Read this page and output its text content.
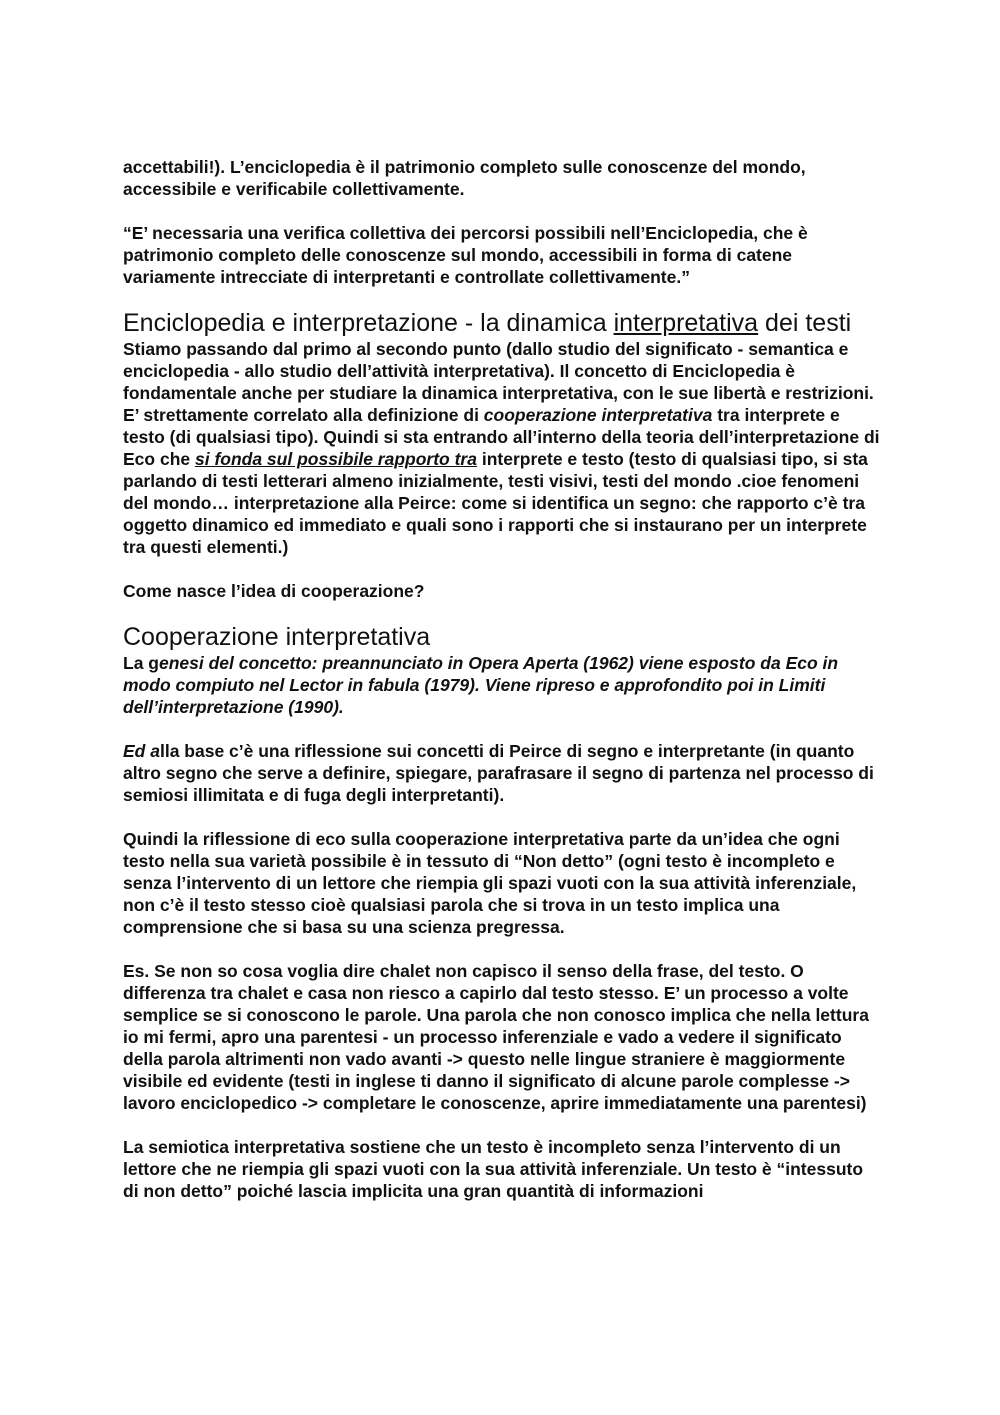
accettabili!). L’enciclopedia è il patrimonio completo sulle conoscenze del mondo, accessibile e verificabile collettivamente.

“E’ necessaria una verifica collettiva dei percorsi possibili nell’Enciclopedia, che è patrimonio completo delle conoscenze sul mondo, accessibili in forma di catene variamente intrecciate di interpretanti e controllate collettivamente.”

Enciclopedia e interpretazione - la dinamica interpretativa dei testi

Stiamo passando dal primo al secondo punto (dallo studio del significato - semantica e enciclopedia - allo studio dell’attività interpretativa). Il concetto di Enciclopedia è fondamentale anche per studiare la dinamica interpretativa, con le sue libertà e restrizioni. E’ strettamente correlato alla definizione di cooperazione interpretativa tra interprete e testo (di qualsiasi tipo). Quindi si sta entrando all’interno della teoria dell’interpretazione di Eco che si fonda sul possibile rapporto tra interprete e testo (testo di qualsiasi tipo, si sta parlando di testi letterari almeno inizialmente, testi visivi, testi del mondo .cioe fenomeni del mondo… interpretazione alla Peirce: come si identifica un segno: che rapporto c’è tra oggetto dinamico ed immediato e quali sono i rapporti che si instaurano per un interprete tra questi elementi.)

Come nasce l’idea di cooperazione?

Cooperazione interpretativa

La genesi del concetto: preannunciato in Opera Aperta (1962) viene esposto da Eco in modo compiuto nel Lector in fabula (1979). Viene ripreso e approfondito poi in Limiti dell’interpretazione (1990).

Ed alla base c’è una riflessione sui concetti di Peirce di segno e interpretante (in quanto altro segno che serve a definire, spiegare, parafrasare il segno di partenza nel processo di semiosi illimitata e di fuga degli interpretanti).

Quindi la riflessione di eco sulla cooperazione interpretativa parte da un’idea che ogni testo nella sua varietà possibile è in tessuto di “Non detto” (ogni testo è incompleto e senza l’intervento di un lettore che riempia gli spazi vuoti con la sua attività inferenziale, non c’è il testo stesso cioè qualsiasi parola che si trova in un testo implica una comprensione che si basa su una scienza pregressa.

Es. Se non so cosa voglia dire chalet non capisco il senso della frase, del testo. O differenza tra chalet e casa non riesco a capirlo dal testo stesso. E’ un processo a volte semplice se si conoscono le parole. Una parola che non conosco implica che nella lettura io mi fermi, apro una parentesi - un processo inferenziale e vado a vedere il significato della parola altrimenti non vado avanti -> questo nelle lingue straniere è maggiormente visibile ed evidente (testi in inglese ti danno il significato di alcune parole complesse -> lavoro enciclopedico -> completare le conoscenze, aprire immediatamente una parentesi)

La semiotica interpretativa sostiene che un testo è incompleto senza l’intervento di un lettore che ne riempia gli spazi vuoti con la sua attività inferenziale. Un testo è “intessuto di non detto” poiché lascia implicita una gran quantità di informazioni
